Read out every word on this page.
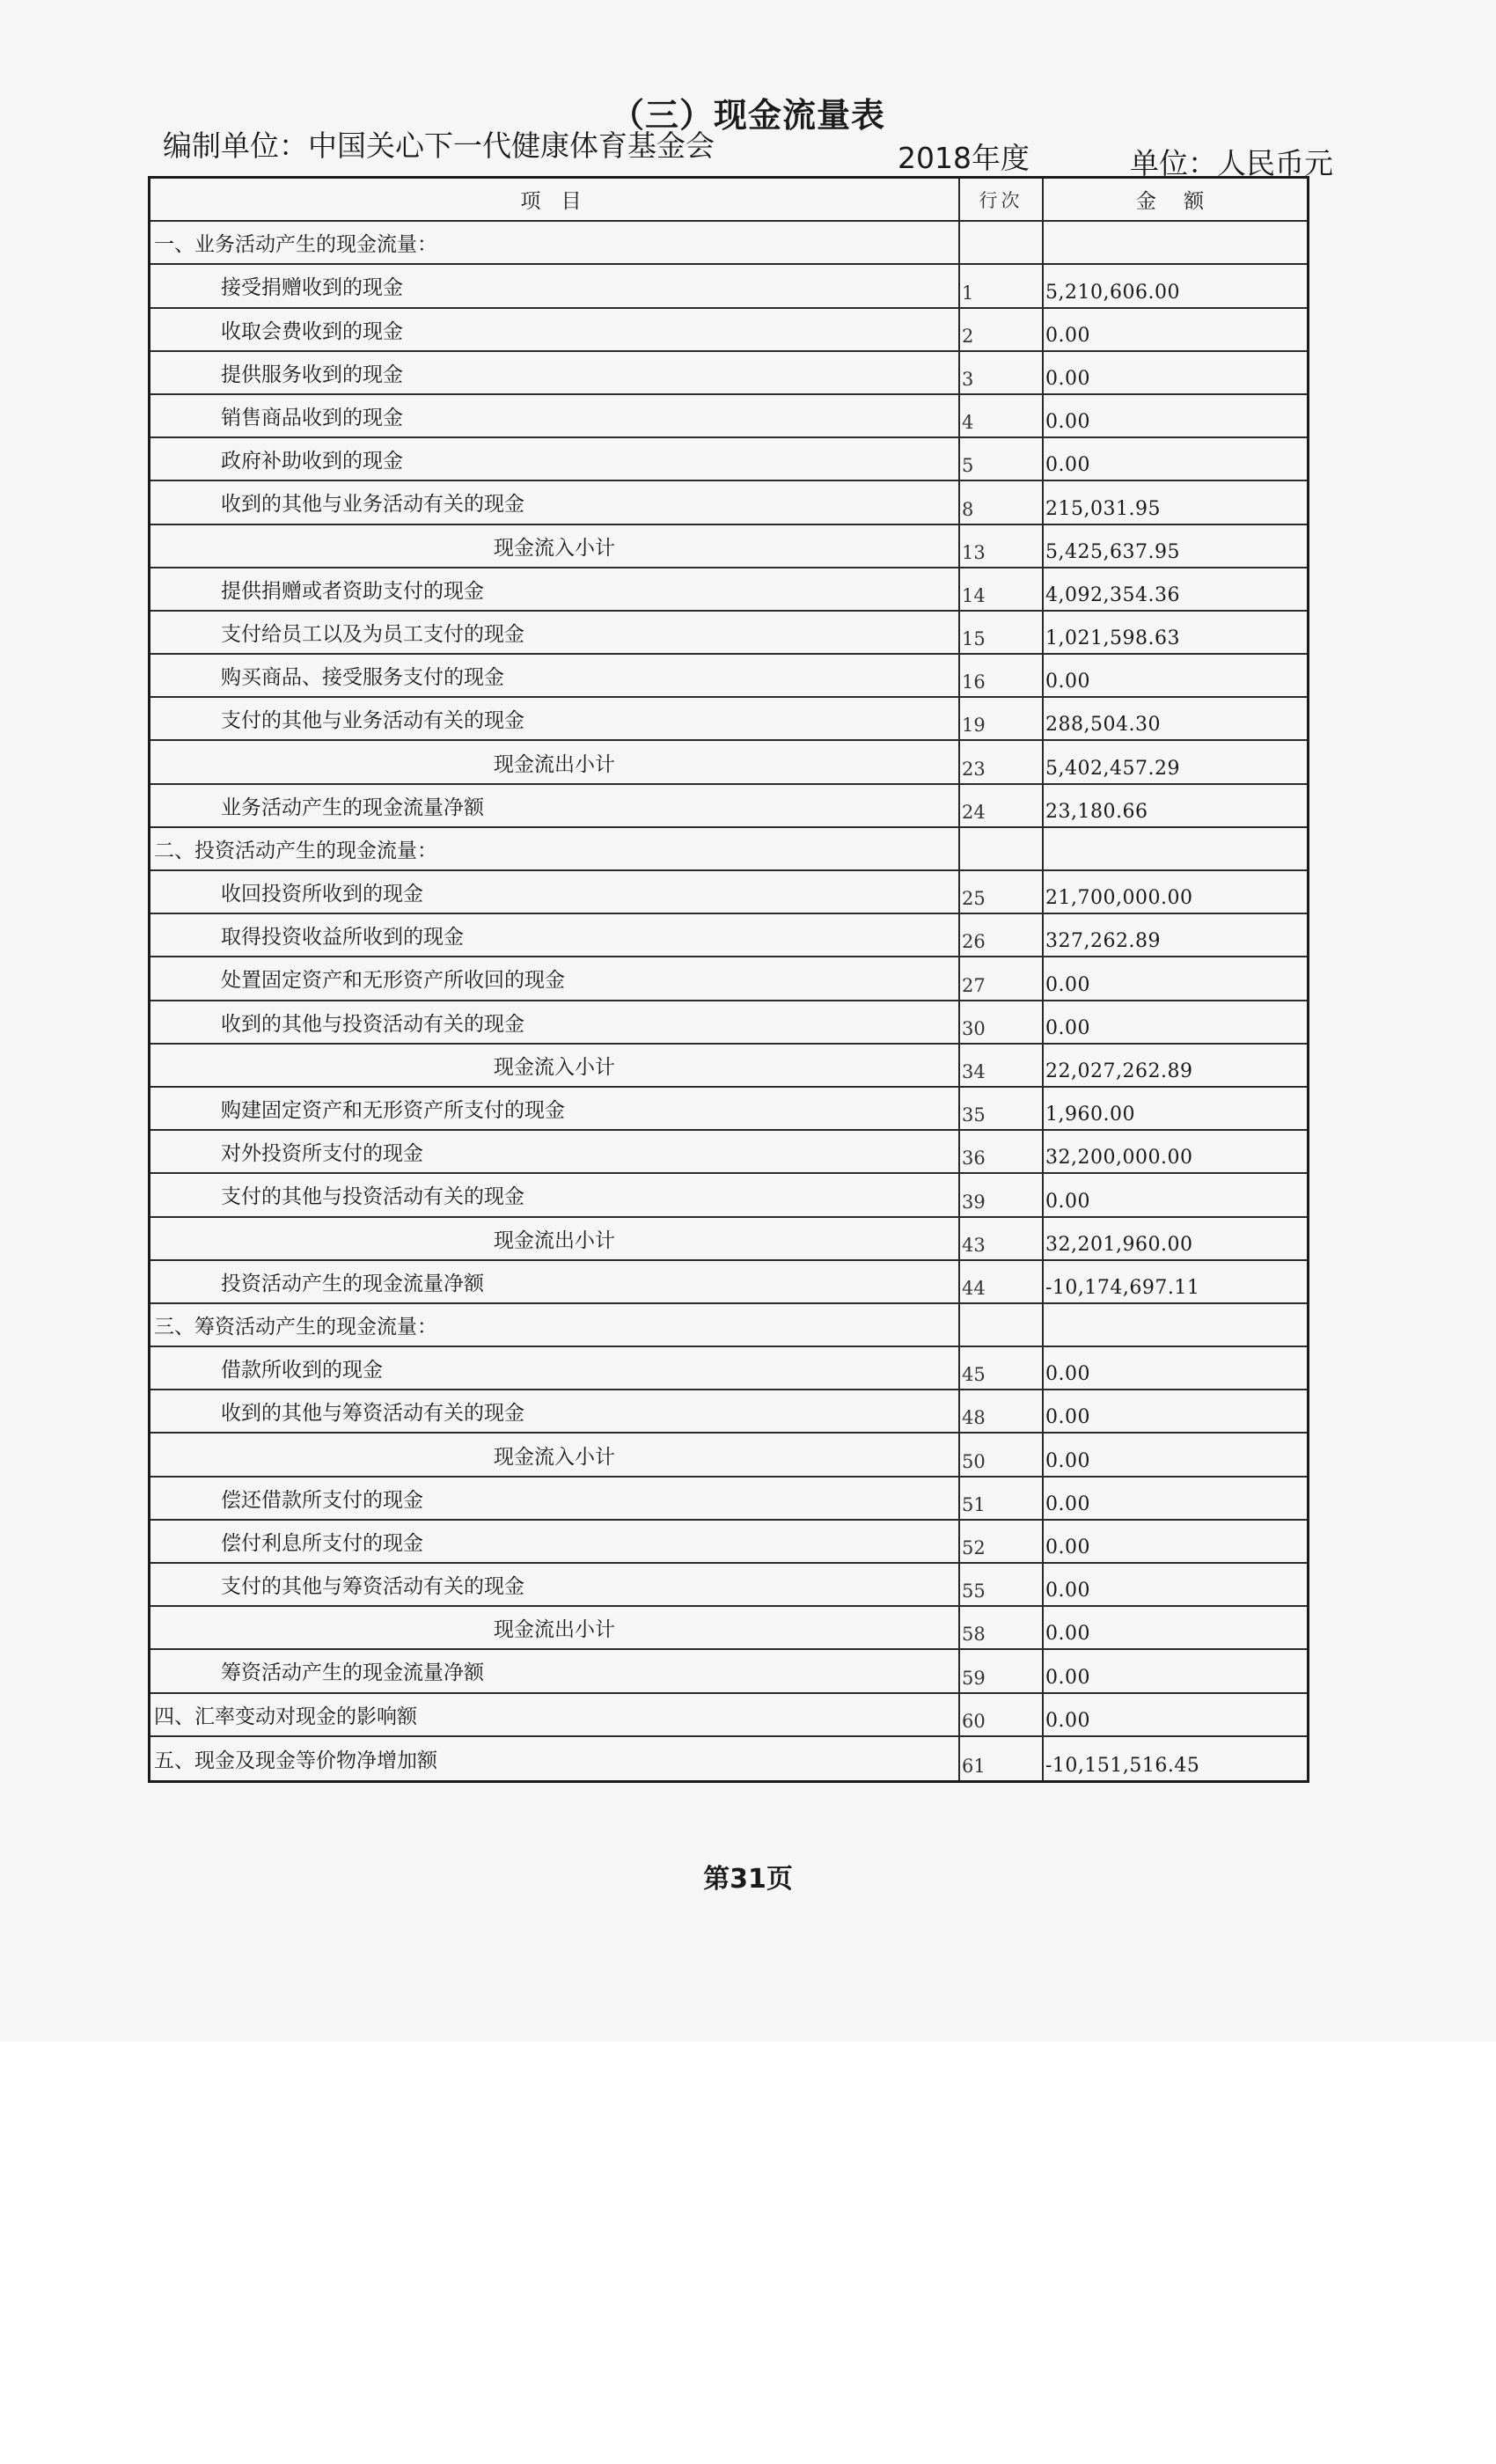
（三）现金流量表
编制单位：中国关心下一代健康体育基金会	2018年度	单位：人民币元
项 目	行次	金 额
一、业务活动产生的现金流量：
接受捐赠收到的现金	1	5,210,606.00
收取会费收到的现金	2	0.00
提供服务收到的现金	3	0.00
销售商品收到的现金	4	0.00
政府补助收到的现金	5	0.00
收到的其他与业务活动有关的现金	8	215,031.95
现金流入小计	13	5,425,637.95
提供捐赠或者资助支付的现金	14	4,092,354.36
支付给员工以及为员工支付的现金	15	1,021,598.63
购买商品、接受服务支付的现金	16	0.00
支付的其他与业务活动有关的现金	19	288,504.30
现金流出小计	23	5,402,457.29
业务活动产生的现金流量净额	24	23,180.66
二、投资活动产生的现金流量：
收回投资所收到的现金	25	21,700,000.00
取得投资收益所收到的现金	26	327,262.89
处置固定资产和无形资产所收回的现金	27	0.00
收到的其他与投资活动有关的现金	30	0.00
现金流入小计	34	22,027,262.89
购建固定资产和无形资产所支付的现金	35	1,960.00
对外投资所支付的现金	36	32,200,000.00
支付的其他与投资活动有关的现金	39	0.00
现金流出小计	43	32,201,960.00
投资活动产生的现金流量净额	44	-10,174,697.11
三、筹资活动产生的现金流量：
借款所收到的现金	45	0.00
收到的其他与筹资活动有关的现金	48	0.00
现金流入小计	50	0.00
偿还借款所支付的现金	51	0.00
偿付利息所支付的现金	52	0.00
支付的其他与筹资活动有关的现金	55	0.00
现金流出小计	58	0.00
筹资活动产生的现金流量净额	59	0.00
四、汇率变动对现金的影响额	60	0.00
五、现金及现金等价物净增加额	61	-10,151,516.45
第31页
